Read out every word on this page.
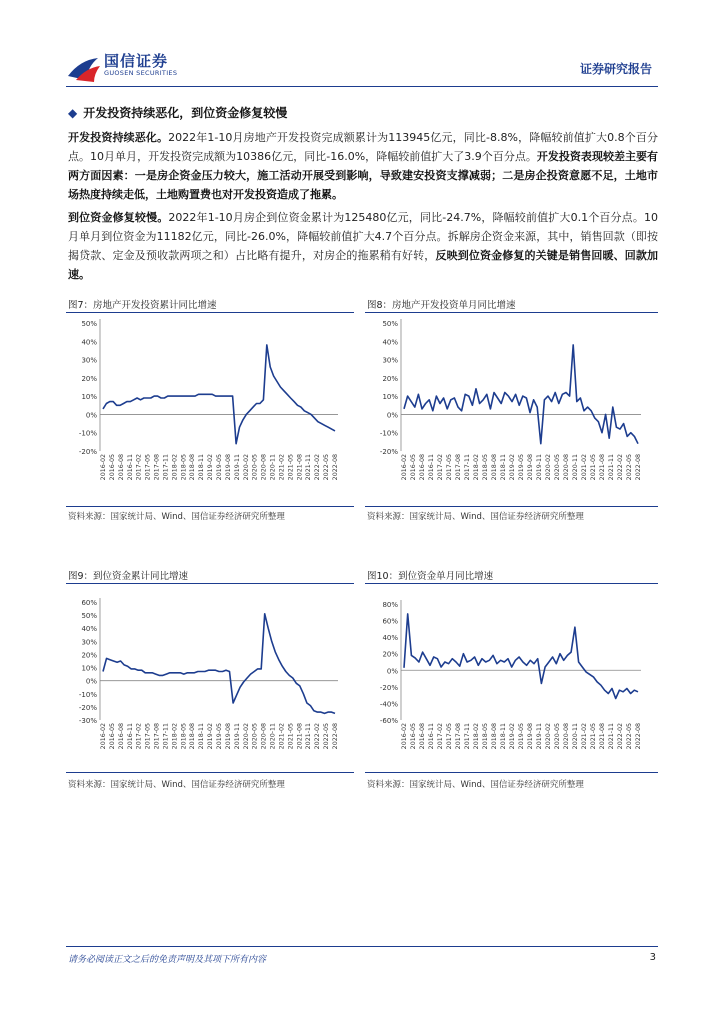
国信证券
GUOSEN SECURITIES	证券研究报告
◆ 开发投资持续恶化，到位资金修复较慢
开发投资持续恶化。2022年1-10月房地产开发投资完成额累计为113945亿元，同比-8.8%，降幅较前值扩大0.8个百分点。10月单月，开发投资完成额为10386亿元，同比-16.0%，降幅较前值扩大了3.9个百分点。开发投资表现较差主要有两方面因素：一是房企资金压力较大，施工活动开展受到影响，导致建安投资支撑减弱；二是房企投资意愿不足，土地市场热度持续走低，土地购置费也对开发投资造成了拖累。
到位资金修复较慢。2022年1-10月房企到位资金累计为125480亿元，同比-24.7%，降幅较前值扩大0.1个百分点。10月单月到位资金为11182亿元，同比-26.0%，降幅较前值扩大4.7个百分点。拆解房企资金来源，其中，销售回款（即按揭贷款、定金及预收款两项之和）占比略有提升，对房企的拖累稍有好转，反映到位资金修复的关键是销售回暖、回款加速。
图7：房地产开发投资累计同比增速
50%
40%
30%
20%
10%
0%
-10%
-20%
2016-02 2016-05 2016-08 2016-11 2017-02 2017-05 2017-08 2017-11 2018-02 2018-05 2018-08 2018-11 2019-02 2019-05 2019-08 2019-11 2020-02 2020-05 2020-08 2020-11 2021-02 2021-05 2021-08 2021-11 2022-02 2022-05 2022-08
资料来源：国家统计局、Wind、国信证券经济研究所整理
图8：房地产开发投资单月同比增速
50%
40%
30%
20%
10%
0%
-10%
-20%
2016-02 2016-05 2016-08 2016-11 2017-02 2017-05 2017-08 2017-11 2018-02 2018-05 2018-08 2018-11 2019-02 2019-05 2019-08 2019-11 2020-02 2020-05 2020-08 2020-11 2021-02 2021-05 2021-08 2021-11 2022-02 2022-05 2022-08
资料来源：国家统计局、Wind、国信证券经济研究所整理
图9：到位资金累计同比增速
60%
50%
40%
30%
20%
10%
0%
-10%
-20%
-30%
2016-02 2016-05 2016-08 2016-11 2017-02 2017-05 2017-08 2017-11 2018-02 2018-05 2018-08 2018-11 2019-02 2019-05 2019-08 2019-11 2020-02 2020-05 2020-08 2020-11 2021-02 2021-05 2021-08 2021-11 2022-02 2022-05 2022-08
资料来源：国家统计局、Wind、国信证券经济研究所整理
图10：到位资金单月同比增速
80%
60%
40%
20%
0%
-20%
-40%
-60%
2016-02 2016-05 2016-08 2016-11 2017-02 2017-05 2017-08 2017-11 2018-02 2018-05 2018-08 2018-11 2019-02 2019-05 2019-08 2019-11 2020-02 2020-05 2020-08 2020-11 2021-02 2021-05 2021-08 2021-11 2022-02 2022-05 2022-08
资料来源：国家统计局、Wind、国信证券经济研究所整理
请务必阅读正文之后的免责声明及其项下所有内容	3
